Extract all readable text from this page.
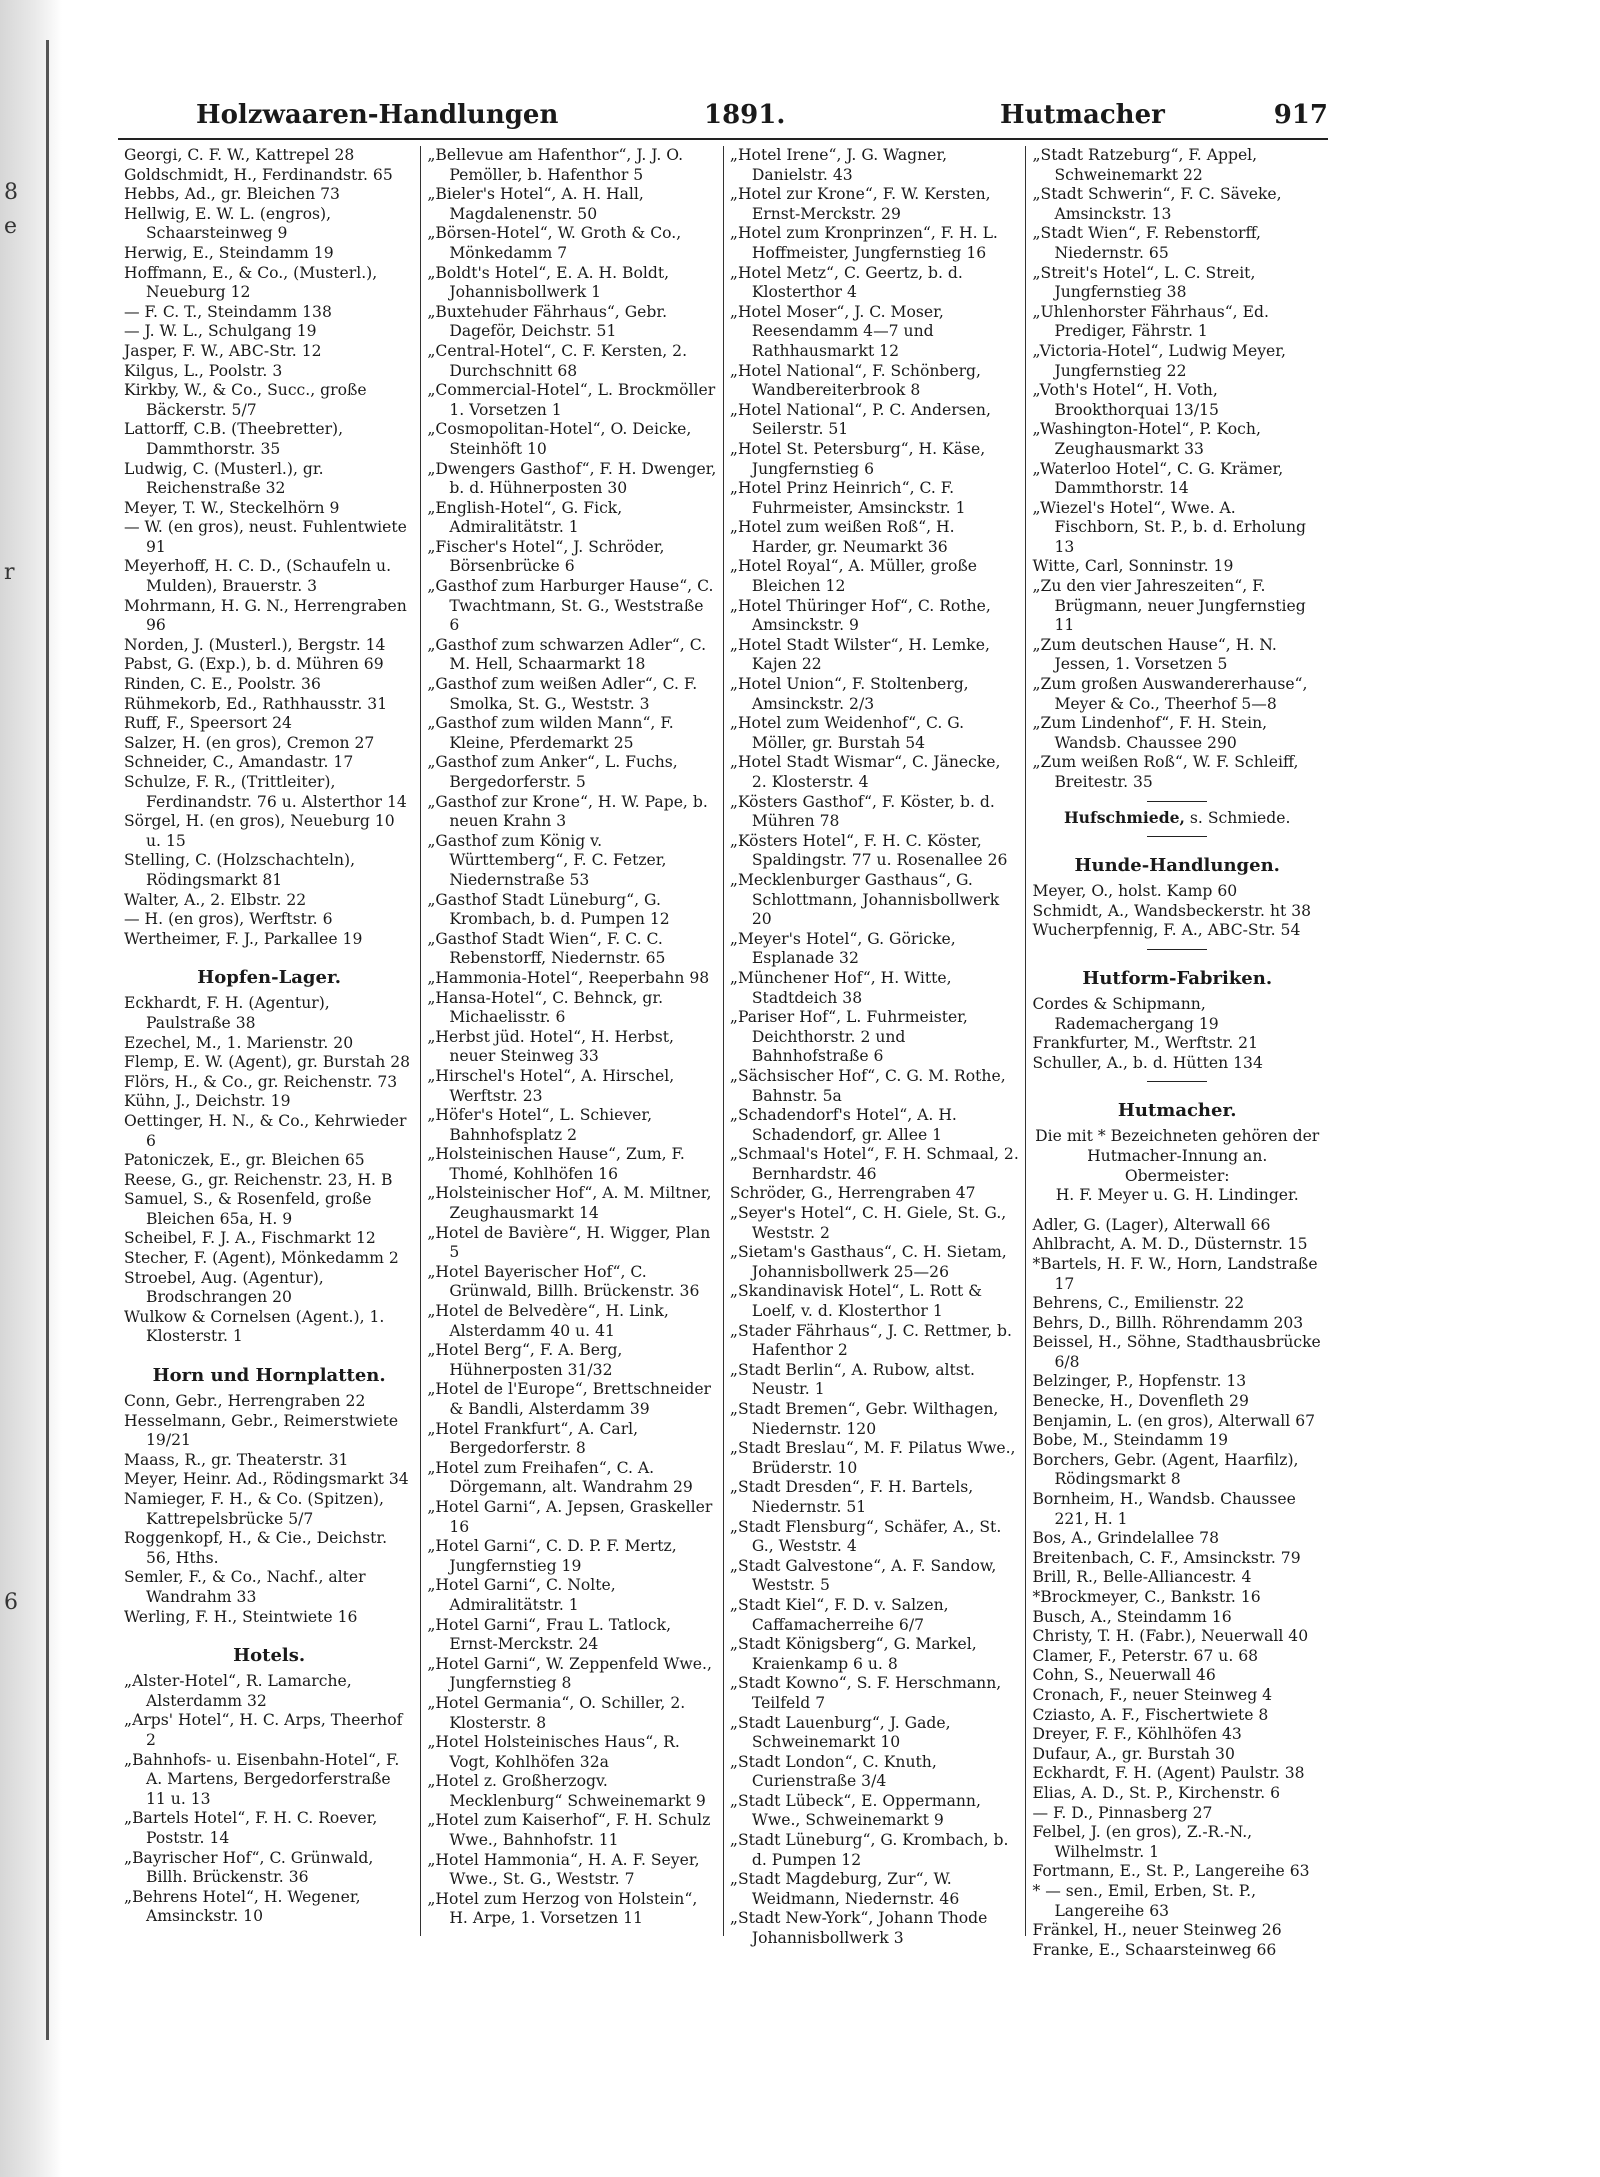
8
e
r
6
Holzwaaren-Handlungen	1891.	Hutmacher	917
Georgi, C. F. W., Kattrepel 28
Goldschmidt, H., Ferdinandstr. 65
Hebbs, Ad., gr. Bleichen 73
Hellwig, E. W. L. (engros), Schaarsteinweg 9
Herwig, E., Steindamm 19
Hoffmann, E., & Co., (Musterl.), Neueburg 12
— F. C. T., Steindamm 138
— J. W. L., Schulgang 19
Jasper, F. W., ABC-Str. 12
Kilgus, L., Poolstr. 3
Kirkby, W., & Co., Succ., große Bäckerstr. 5/7
Lattorff, C.B. (Theebretter), Dammthorstr. 35
Ludwig, C. (Musterl.), gr. Reichenstraße 32
Meyer, T. W., Steckelhörn 9
— W. (en gros), neust. Fuhlentwiete 91
Meyerhoff, H. C. D., (Schaufeln u. Mulden), Brauerstr. 3
Mohrmann, H. G. N., Herrengraben 96
Norden, J. (Musterl.), Bergstr. 14
Pabst, G. (Exp.), b. d. Mühren 69
Rinden, C. E., Poolstr. 36
Rühmekorb, Ed., Rathhausstr. 31
Ruff, F., Speersort 24
Salzer, H. (en gros), Cremon 27
Schneider, C., Amandastr. 17
Schulze, F. R., (Trittleiter), Ferdinandstr. 76 u. Alsterthor 14
Sörgel, H. (en gros), Neueburg 10 u. 15
Stelling, C. (Holzschachteln), Rödingsmarkt 81
Walter, A., 2. Elbstr. 22
— H. (en gros), Werftstr. 6
Wertheimer, F. J., Parkallee 19
Hopfen-Lager.
Eckhardt, F. H. (Agentur), Paulstraße 38
Ezechel, M., 1. Marienstr. 20
Flemp, E. W. (Agent), gr. Burstah 28
Flörs, H., & Co., gr. Reichenstr. 73
Kühn, J., Deichstr. 19
Oettinger, H. N., & Co., Kehrwieder 6
Patoniczek, E., gr. Bleichen 65
Reese, G., gr. Reichenstr. 23, H. B
Samuel, S., & Rosenfeld, große Bleichen 65a, H. 9
Scheibel, F. J. A., Fischmarkt 12
Stecher, F. (Agent), Mönkedamm 2
Stroebel, Aug. (Agentur), Brodschrangen 20
Wulkow & Cornelsen (Agent.), 1. Klosterstr. 1
Horn und Hornplatten.
Conn, Gebr., Herrengraben 22
Hesselmann, Gebr., Reimerstwiete 19/21
Maass, R., gr. Theaterstr. 31
Meyer, Heinr. Ad., Rödingsmarkt 34
Namieger, F. H., & Co. (Spitzen), Kattrepelsbrücke 5/7
Roggenkopf, H., & Cie., Deichstr. 56, Hths.
Semler, F., & Co., Nachf., alter Wandrahm 33
Werling, F. H., Steintwiete 16
Hotels.
„Alster-Hotel“, R. Lamarche, Alsterdamm 32
„Arps' Hotel“, H. C. Arps, Theerhof 2
„Bahnhofs- u. Eisenbahn-Hotel“, F. A. Martens, Bergedorferstraße 11 u. 13
„Bartels Hotel“, F. H. C. Roever, Poststr. 14
„Bayrischer Hof“, C. Grünwald, Billh. Brückenstr. 36
„Behrens Hotel“, H. Wegener, Amsinckstr. 10
„Bellevue am Hafenthor“, J. J. O. Pemöller, b. Hafenthor 5
„Bieler's Hotel“, A. H. Hall, Magdalenenstr. 50
„Börsen-Hotel“, W. Groth & Co., Mönkedamm 7
„Boldt's Hotel“, E. A. H. Boldt, Johannisbollwerk 1
„Buxtehuder Fährhaus“, Gebr. Dageför, Deichstr. 51
„Central-Hotel“, C. F. Kersten, 2. Durchschnitt 68
„Commercial-Hotel“, L. Brockmöller 1. Vorsetzen 1
„Cosmopolitan-Hotel“, O. Deicke, Steinhöft 10
„Dwengers Gasthof“, F. H. Dwenger, b. d. Hühnerposten 30
„English-Hotel“, G. Fick, Admiralitätstr. 1
„Fischer's Hotel“, J. Schröder, Börsenbrücke 6
„Gasthof zum Harburger Hause“, C. Twachtmann, St. G., Weststraße 6
„Gasthof zum schwarzen Adler“, C. M. Hell, Schaarmarkt 18
„Gasthof zum weißen Adler“, C. F. Smolka, St. G., Weststr. 3
„Gasthof zum wilden Mann“, F. Kleine, Pferdemarkt 25
„Gasthof zum Anker“, L. Fuchs, Bergedorferstr. 5
„Gasthof zur Krone“, H. W. Pape, b. neuen Krahn 3
„Gasthof zum König v. Württemberg“, F. C. Fetzer, Niedernstraße 53
„Gasthof Stadt Lüneburg“, G. Krombach, b. d. Pumpen 12
„Gasthof Stadt Wien“, F. C. C. Rebenstorff, Niedernstr. 65
„Hammonia-Hotel“, Reeperbahn 98
„Hansa-Hotel“, C. Behnck, gr. Michaelisstr. 6
„Herbst jüd. Hotel“, H. Herbst, neuer Steinweg 33
„Hirschel's Hotel“, A. Hirschel, Werftstr. 23
„Höfer's Hotel“, L. Schiever, Bahnhofsplatz 2
„Holsteinischen Hause“, Zum, F. Thomé, Kohlhöfen 16
„Holsteinischer Hof“, A. M. Miltner, Zeughausmarkt 14
„Hotel de Bavière“, H. Wigger, Plan 5
„Hotel Bayerischer Hof“, C. Grünwald, Billh. Brückenstr. 36
„Hotel de Belvedère“, H. Link, Alsterdamm 40 u. 41
„Hotel Berg“, F. A. Berg, Hühnerposten 31/32
„Hotel de l'Europe“, Brettschneider & Bandli, Alsterdamm 39
„Hotel Frankfurt“, A. Carl, Bergedorferstr. 8
„Hotel zum Freihafen“, C. A. Dörgemann, alt. Wandrahm 29
„Hotel Garni“, A. Jepsen, Graskeller 16
„Hotel Garni“, C. D. P. F. Mertz, Jungfernstieg 19
„Hotel Garni“, C. Nolte, Admiralitätstr. 1
„Hotel Garni“, Frau L. Tatlock, Ernst-Merckstr. 24
„Hotel Garni“, W. Zeppenfeld Wwe., Jungfernstieg 8
„Hotel Germania“, O. Schiller, 2. Klosterstr. 8
„Hotel Holsteinisches Haus“, R. Vogt, Kohlhöfen 32a
„Hotel z. Großherzogv. Mecklenburg“ Schweinemarkt 9
„Hotel zum Kaiserhof“, F. H. Schulz Wwe., Bahnhofstr. 11
„Hotel Hammonia“, H. A. F. Seyer, Wwe., St. G., Weststr. 7
„Hotel zum Herzog von Holstein“, H. Arpe, 1. Vorsetzen 11
„Hotel Irene“, J. G. Wagner, Danielstr. 43
„Hotel zur Krone“, F. W. Kersten, Ernst-Merckstr. 29
„Hotel zum Kronprinzen“, F. H. L. Hoffmeister, Jungfernstieg 16
„Hotel Metz“, C. Geertz, b. d. Klosterthor 4
„Hotel Moser“, J. C. Moser, Reesendamm 4—7 und Rathhausmarkt 12
„Hotel National“, F. Schönberg, Wandbereiterbrook 8
„Hotel National“, P. C. Andersen, Seilerstr. 51
„Hotel St. Petersburg“, H. Käse, Jungfernstieg 6
„Hotel Prinz Heinrich“, C. F. Fuhrmeister, Amsinckstr. 1
„Hotel zum weißen Roß“, H. Harder, gr. Neumarkt 36
„Hotel Royal“, A. Müller, große Bleichen 12
„Hotel Thüringer Hof“, C. Rothe, Amsinckstr. 9
„Hotel Stadt Wilster“, H. Lemke, Kajen 22
„Hotel Union“, F. Stoltenberg, Amsinckstr. 2/3
„Hotel zum Weidenhof“, C. G. Möller, gr. Burstah 54
„Hotel Stadt Wismar“, C. Jänecke, 2. Klosterstr. 4
„Kösters Gasthof“, F. Köster, b. d. Mühren 78
„Kösters Hotel“, F. H. C. Köster, Spaldingstr. 77 u. Rosenallee 26
„Mecklenburger Gasthaus“, G. Schlottmann, Johannisbollwerk 20
„Meyer's Hotel“, G. Göricke, Esplanade 32
„Münchener Hof“, H. Witte, Stadtdeich 38
„Pariser Hof“, L. Fuhrmeister, Deichthorstr. 2 und Bahnhofstraße 6
„Sächsischer Hof“, C. G. M. Rothe, Bahnstr. 5a
„Schadendorf's Hotel“, A. H. Schadendorf, gr. Allee 1
„Schmaal's Hotel“, F. H. Schmaal, 2. Bernhardstr. 46
Schröder, G., Herrengraben 47
„Seyer's Hotel“, C. H. Giele, St. G., Weststr. 2
„Sietam's Gasthaus“, C. H. Sietam, Johannisbollwerk 25—26
„Skandinavisk Hotel“, L. Rott & Loelf, v. d. Klosterthor 1
„Stader Fährhaus“, J. C. Rettmer, b. Hafenthor 2
„Stadt Berlin“, A. Rubow, altst. Neustr. 1
„Stadt Bremen“, Gebr. Wilthagen, Niedernstr. 120
„Stadt Breslau“, M. F. Pilatus Wwe., Brüderstr. 10
„Stadt Dresden“, F. H. Bartels, Niedernstr. 51
„Stadt Flensburg“, Schäfer, A., St. G., Weststr. 4
„Stadt Galvestone“, A. F. Sandow, Weststr. 5
„Stadt Kiel“, F. D. v. Salzen, Caffamacherreihe 6/7
„Stadt Königsberg“, G. Markel, Kraienkamp 6 u. 8
„Stadt Kowno“, S. F. Herschmann, Teilfeld 7
„Stadt Lauenburg“, J. Gade, Schweinemarkt 10
„Stadt London“, C. Knuth, Curienstraße 3/4
„Stadt Lübeck“, E. Oppermann, Wwe., Schweinemarkt 9
„Stadt Lüneburg“, G. Krombach, b. d. Pumpen 12
„Stadt Magdeburg, Zur“, W. Weidmann, Niedernstr. 46
„Stadt New-York“, Johann Thode Johannisbollwerk 3
„Stadt Ratzeburg“, F. Appel, Schweinemarkt 22
„Stadt Schwerin“, F. C. Säveke, Amsinckstr. 13
„Stadt Wien“, F. Rebenstorff, Niedernstr. 65
„Streit's Hotel“, L. C. Streit, Jungfernstieg 38
„Uhlenhorster Fährhaus“, Ed. Prediger, Fährstr. 1
„Victoria-Hotel“, Ludwig Meyer, Jungfernstieg 22
„Voth's Hotel“, H. Voth, Brookthorquai 13/15
„Washington-Hotel“, P. Koch, Zeughausmarkt 33
„Waterloo Hotel“, C. G. Krämer, Dammthorstr. 14
„Wiezel's Hotel“, Wwe. A. Fischborn, St. P., b. d. Erholung 13
Witte, Carl, Sonninstr. 19
„Zu den vier Jahreszeiten“, F. Brügmann, neuer Jungfernstieg 11
„Zum deutschen Hause“, H. N. Jessen, 1. Vorsetzen 5
„Zum großen Auswandererhause“, Meyer & Co., Theerhof 5—8
„Zum Lindenhof“, F. H. Stein, Wandsb. Chaussee 290
„Zum weißen Roß“, W. F. Schleiff, Breitestr. 35
Hufschmiede, s. Schmiede.
Hunde-Handlungen.
Meyer, O., holst. Kamp 60
Schmidt, A., Wandsbeckerstr. ht 38
Wucherpfennig, F. A., ABC-Str. 54
Hutform-Fabriken.
Cordes & Schipmann, Rademachergang 19
Frankfurter, M., Werftstr. 21
Schuller, A., b. d. Hütten 134
Hutmacher.
Die mit * Bezeichneten gehören der Hutmacher-Innung an.
Obermeister:
H. F. Meyer u. G. H. Lindinger.
Adler, G. (Lager), Alterwall 66
Ahlbracht, A. M. D., Düsternstr. 15
*Bartels, H. F. W., Horn, Landstraße 17
Behrens, C., Emilienstr. 22
Behrs, D., Billh. Röhrendamm 203
Beissel, H., Söhne, Stadthausbrücke 6/8
Belzinger, P., Hopfenstr. 13
Benecke, H., Dovenfleth 29
Benjamin, L. (en gros), Alterwall 67
Bobe, M., Steindamm 19
Borchers, Gebr. (Agent, Haarfilz), Rödingsmarkt 8
Bornheim, H., Wandsb. Chaussee 221, H. 1
Bos, A., Grindelallee 78
Breitenbach, C. F., Amsinckstr. 79
Brill, R., Belle-Alliancestr. 4
*Brockmeyer, C., Bankstr. 16
Busch, A., Steindamm 16
Christy, T. H. (Fabr.), Neuerwall 40
Clamer, F., Peterstr. 67 u. 68
Cohn, S., Neuerwall 46
Cronach, F., neuer Steinweg 4
Cziasto, A. F., Fischertwiete 8
Dreyer, F. F., Köhlhöfen 43
Dufaur, A., gr. Burstah 30
Eckhardt, F. H. (Agent) Paulstr. 38
Elias, A. D., St. P., Kirchenstr. 6
— F. D., Pinnasberg 27
Felbel, J. (en gros), Z.-R.-N., Wilhelmstr. 1
Fortmann, E., St. P., Langereihe 63
* — sen., Emil, Erben, St. P., Langereihe 63
Fränkel, H., neuer Steinweg 26
Franke, E., Schaarsteinweg 66
